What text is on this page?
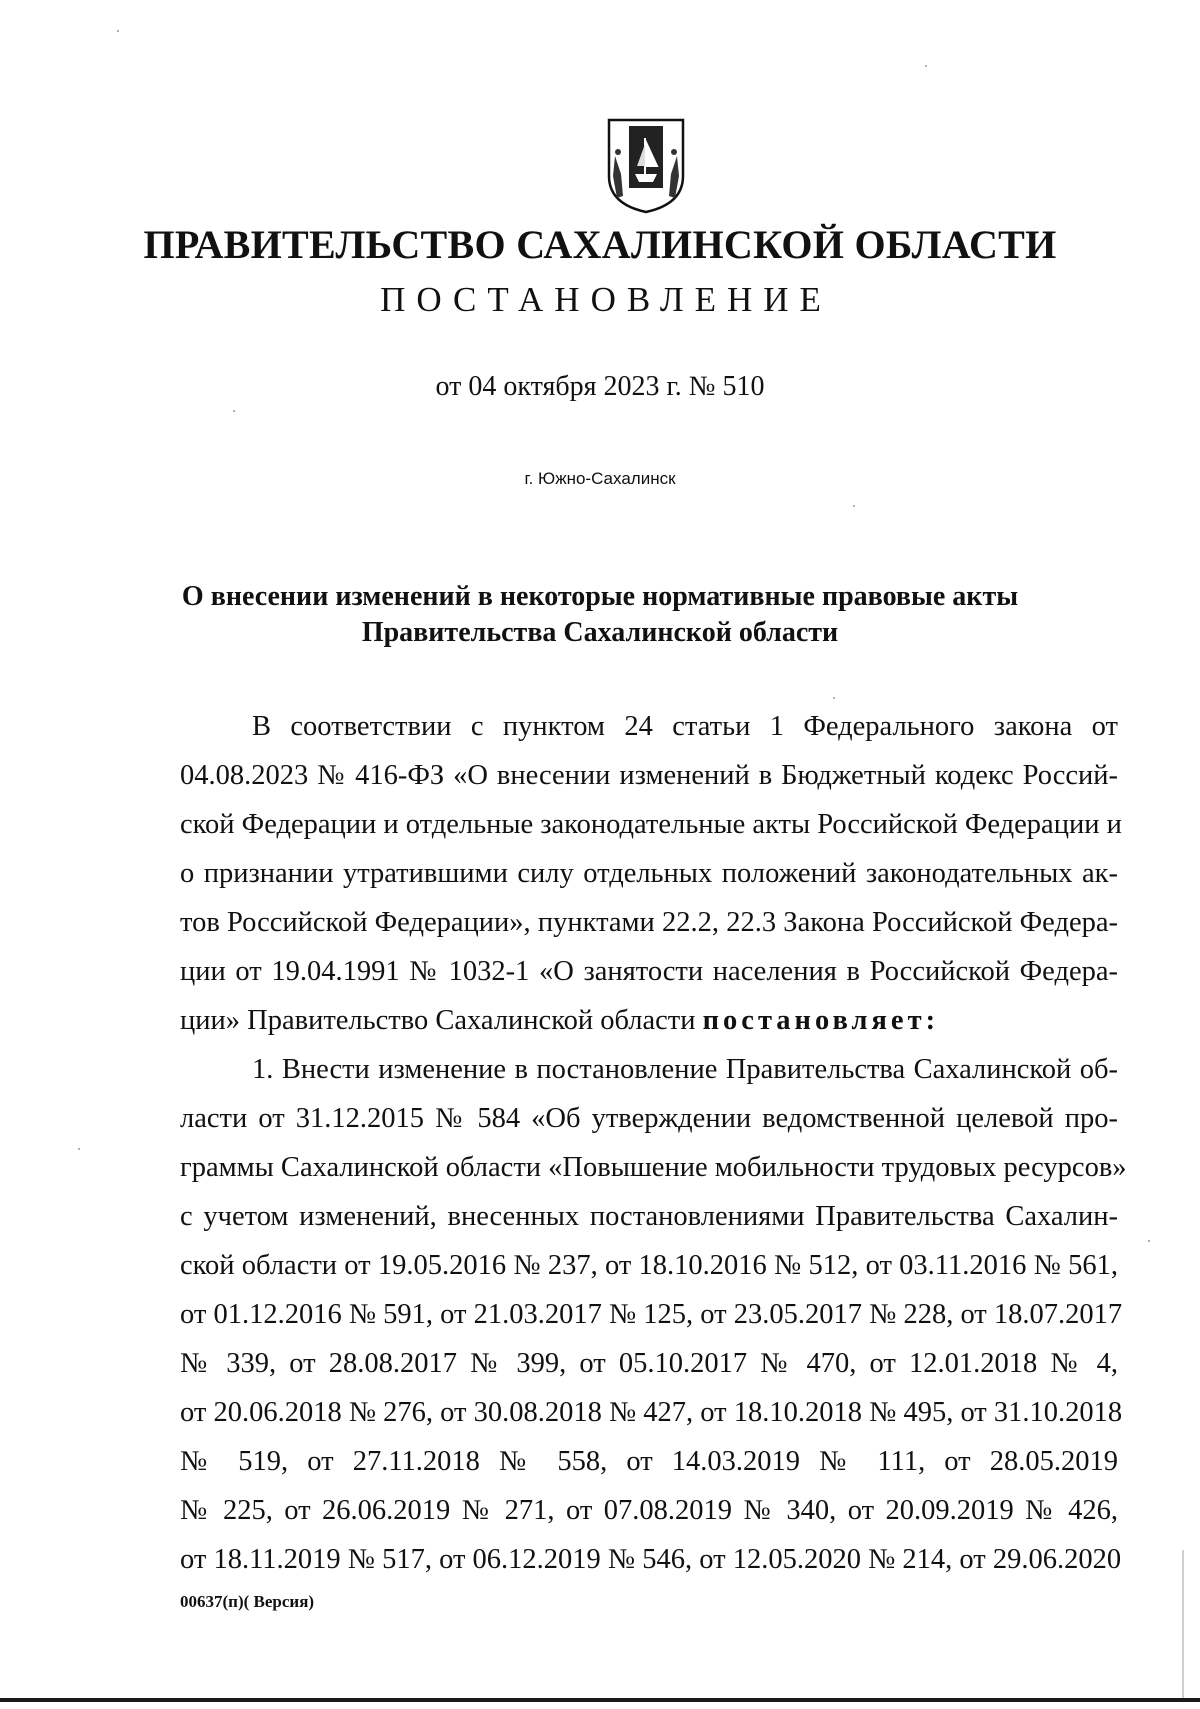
ПРАВИТЕЛЬСТВО САХАЛИНСКОЙ ОБЛАСТИ
ПОСТАНОВЛЕНИЕ
от 04 октября 2023 г. № 510
г. Южно-Сахалинск
О внесении изменений в некоторые нормативные правовые акты
Правительства Сахалинской области
В соответствии с пунктом 24 статьи 1 Федерального закона от
04.08.2023 № 416-ФЗ «О внесении изменений в Бюджетный кодекс Россий-
ской Федерации и отдельные законодательные акты Российской Федерации и
о признании утратившими силу отдельных положений законодательных ак-
тов Российской Федерации», пунктами 22.2, 22.3 Закона Российской Федера-
ции от 19.04.1991 № 1032-1 «О занятости населения в Российской Федера-
ции» Правительство Сахалинской области постановляет:
1. Внести изменение в постановление Правительства Сахалинской об-
ласти от 31.12.2015 № 584 «Об утверждении ведомственной целевой про-
граммы Сахалинской области «Повышение мобильности трудовых ресурсов»
с учетом изменений, внесенных постановлениями Правительства Сахалин-
ской области от 19.05.2016 № 237, от 18.10.2016 № 512, от 03.11.2016 № 561,
от 01.12.2016 № 591, от 21.03.2017 № 125, от 23.05.2017 № 228, от 18.07.2017
№ 339, от 28.08.2017 № 399, от 05.10.2017 № 470, от 12.01.2018 № 4,
от 20.06.2018 № 276, от 30.08.2018 № 427, от 18.10.2018 № 495, от 31.10.2018
№ 519, от 27.11.2018 № 558, от 14.03.2019 № 111, от 28.05.2019
№ 225, от 26.06.2019 № 271, от 07.08.2019 № 340, от 20.09.2019 № 426,
от 18.11.2019 № 517, от 06.12.2019 № 546, от 12.05.2020 № 214, от 29.06.2020
00637(п)( Версия)
